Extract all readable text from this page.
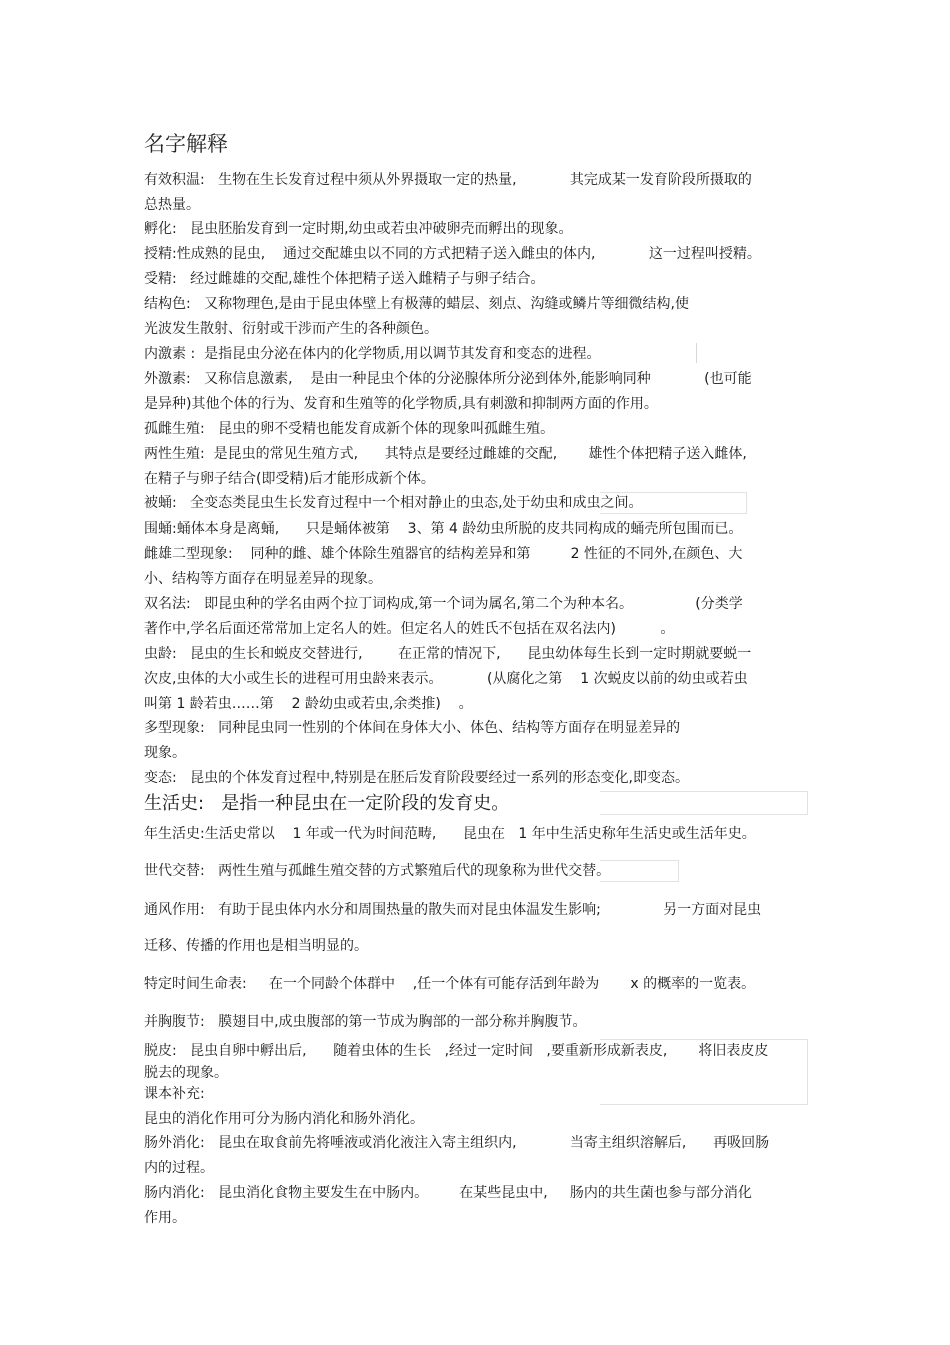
名字解释
有效积温:   生物在生长发育过程中须从外界摄取一定的热量,            其完成某一发育阶段所摄取的
总热量。
孵化:   昆虫胚胎发育到一定时期,幼虫或若虫冲破卵壳而孵出的现象。
授精:性成熟的昆虫,    通过交配雄虫以不同的方式把精子送入雌虫的体内,            这一过程叫授精。
受精:   经过雌雄的交配,雄性个体把精子送入雌精子与卵子结合。
结构色:   又称物理色,是由于昆虫体壁上有极薄的蜡层、刻点、沟缝或鳞片等细微结构,使
光波发生散射、衍射或干涉而产生的各种颜色。
内激素 :  是指昆虫分泌在体内的化学物质,用以调节其发育和变态的进程。
外激素:   又称信息激素,    是由一种昆虫个体的分泌腺体所分泌到体外,能影响同种            (也可能
是异种)其他个体的行为、发育和生殖等的化学物质,具有刺激和抑制两方面的作用。
孤雌生殖:   昆虫的卵不受精也能发育成新个体的现象叫孤雌生殖。
两性生殖:  是昆虫的常见生殖方式,      其特点是要经过雌雄的交配,       雄性个体把精子送入雌体,
在精子与卵子结合(即受精)后才能形成新个体。
被蛹:   全变态类昆虫生长发育过程中一个相对静止的虫态,处于幼虫和成虫之间。
围蛹:蛹体本身是离蛹,      只是蛹体被第    3、第 4 龄幼虫所脱的皮共同构成的蛹壳所包围而已。
雌雄二型现象:    同种的雌、雄个体除生殖器官的结构差异和第         2 性征的不同外,在颜色、大
小、结构等方面存在明显差异的现象。
双名法:   即昆虫种的学名由两个拉丁词构成,第一个词为属名,第二个为种本名。              (分类学
著作中,学名后面还常常加上定名人的姓。但定名人的姓氏不包括在双名法内)          。
虫龄:   昆虫的生长和蜕皮交替进行,        在正常的情况下,      昆虫幼体每生长到一定时期就要蜕一
次皮,虫体的大小或生长的进程可用虫龄来表示。          (从腐化之第    1 次蜕皮以前的幼虫或若虫
叫第 1 龄若虫……第    2 龄幼虫或若虫,余类推)    。
多型现象:   同种昆虫同一性别的个体间在身体大小、体色、结构等方面存在明显差异的
现象。
变态:   昆虫的个体发育过程中,特别是在胚后发育阶段要经过一系列的形态变化,即变态。
生活史:   是指一种昆虫在一定阶段的发育史。
年生活史:生活史常以    1 年或一代为时间范畴,      昆虫在   1 年中生活史称年生活史或生活年史。
世代交替:   两性生殖与孤雌生殖交替的方式繁殖后代的现象称为世代交替。
通风作用:   有助于昆虫体内水分和周围热量的散失而对昆虫体温发生影响;              另一方面对昆虫
迁移、传播的作用也是相当明显的。
特定时间生命表:     在一个同龄个体群中    ,任一个体有可能存活到年龄为       x 的概率的一览表。
并胸腹节:   膜翅目中,成虫腹部的第一节成为胸部的一部分称并胸腹节。
脱皮:   昆虫自卵中孵出后,      随着虫体的生长   ,经过一定时间   ,要重新形成新表皮,       将旧表皮皮
脱去的现象。
课本补充:
昆虫的消化作用可分为肠内消化和肠外消化。
肠外消化:   昆虫在取食前先将唾液或消化液注入寄主组织内,            当寄主组织溶解后,      再吸回肠
内的过程。
肠内消化:   昆虫消化食物主要发生在中肠内。       在某些昆虫中,     肠内的共生菌也参与部分消化
作用。
